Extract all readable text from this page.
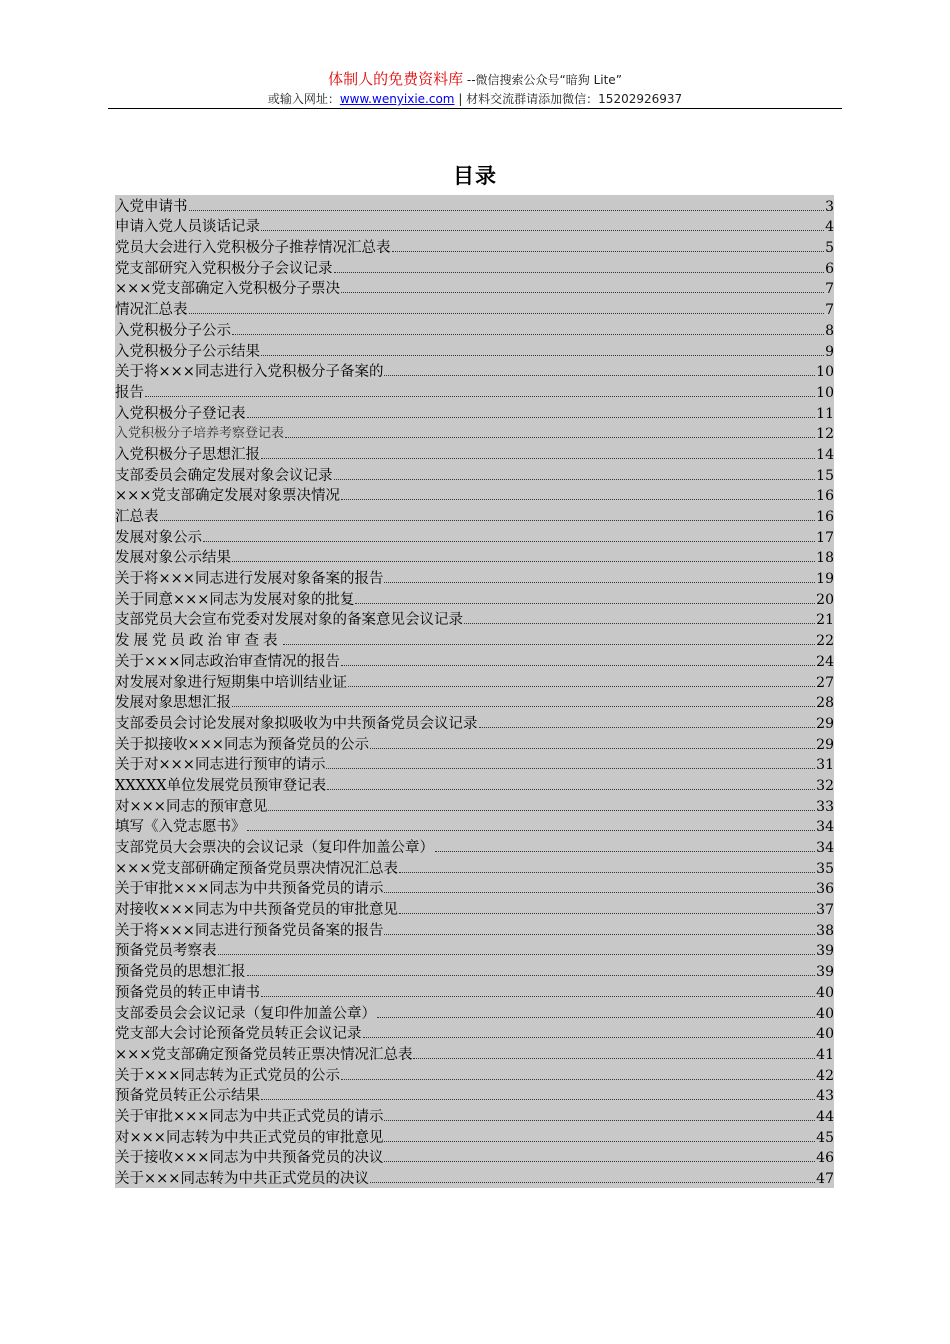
体制人的免费资料库 --微信搜索公众号“暗狗 Lite”
或输入网址：www.wenyixie.com | 材料交流群请添加微信：15202926937
目录
入党申请书	3
申请入党人员谈话记录	4
党员大会进行入党积极分子推荐情况汇总表	5
党支部研究入党积极分子会议记录	6
×××党支部确定入党积极分子票决	7
情况汇总表	7
入党积极分子公示	8
入党积极分子公示结果	9
关于将×××同志进行入党积极分子备案的	10
报告	10
入党积极分子登记表	11
入党积极分子培养考察登记表	12
入党积极分子思想汇报	14
支部委员会确定发展对象会议记录	15
×××党支部确定发展对象票决情况	16
汇总表	16
发展对象公示	17
发展对象公示结果	18
关于将×××同志进行发展对象备案的报告	19
关于同意×××同志为发展对象的批复	20
支部党员大会宣布党委对发展对象的备案意见会议记录	21
发展党员政治审查表	22
关于×××同志政治审查情况的报告	24
对发展对象进行短期集中培训结业证	27
发展对象思想汇报	28
支部委员会讨论发展对象拟吸收为中共预备党员会议记录	29
关于拟接收×××同志为预备党员的公示	29
关于对×××同志进行预审的请示	31
XXXXX单位发展党员预审登记表	32
对×××同志的预审意见	33
填写《入党志愿书》	34
支部党员大会票决的会议记录（复印件加盖公章）	34
×××党支部研确定预备党员票决情况汇总表	35
关于审批×××同志为中共预备党员的请示	36
对接收×××同志为中共预备党员的审批意见	37
关于将×××同志进行预备党员备案的报告	38
预备党员考察表	39
预备党员的思想汇报	39
预备党员的转正申请书	40
支部委员会会议记录（复印件加盖公章）	40
党支部大会讨论预备党员转正会议记录	40
×××党支部确定预备党员转正票决情况汇总表	41
关于×××同志转为正式党员的公示	42
预备党员转正公示结果	43
关于审批×××同志为中共正式党员的请示	44
对×××同志转为中共正式党员的审批意见	45
关于接收×××同志为中共预备党员的决议	46
关于×××同志转为中共正式党员的决议	47
